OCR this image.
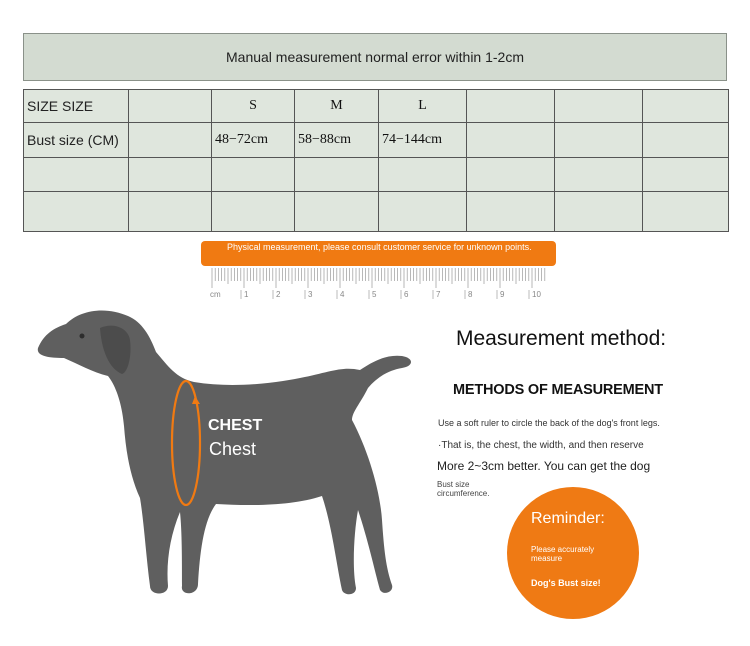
Manual measurement normal error within 1-2cm
SIZE SIZE		S	M	L			
Bust size (CM)		48−72cm	58−88cm	74−144cm			

Physical measurement, please consult customer service for unknown points.
cm	1	2	3	4	5	6	7	8	9	10
CHEST
Chest
Measurement method:
METHODS OF MEASUREMENT
Use a soft ruler to circle the back of the dog's front legs.
·That is, the chest, the width, and then reserve
More 2~3cm better. You can get the dog
Bust size circumference.
Reminder:
Please accurately measure
Dog's Bust size!
